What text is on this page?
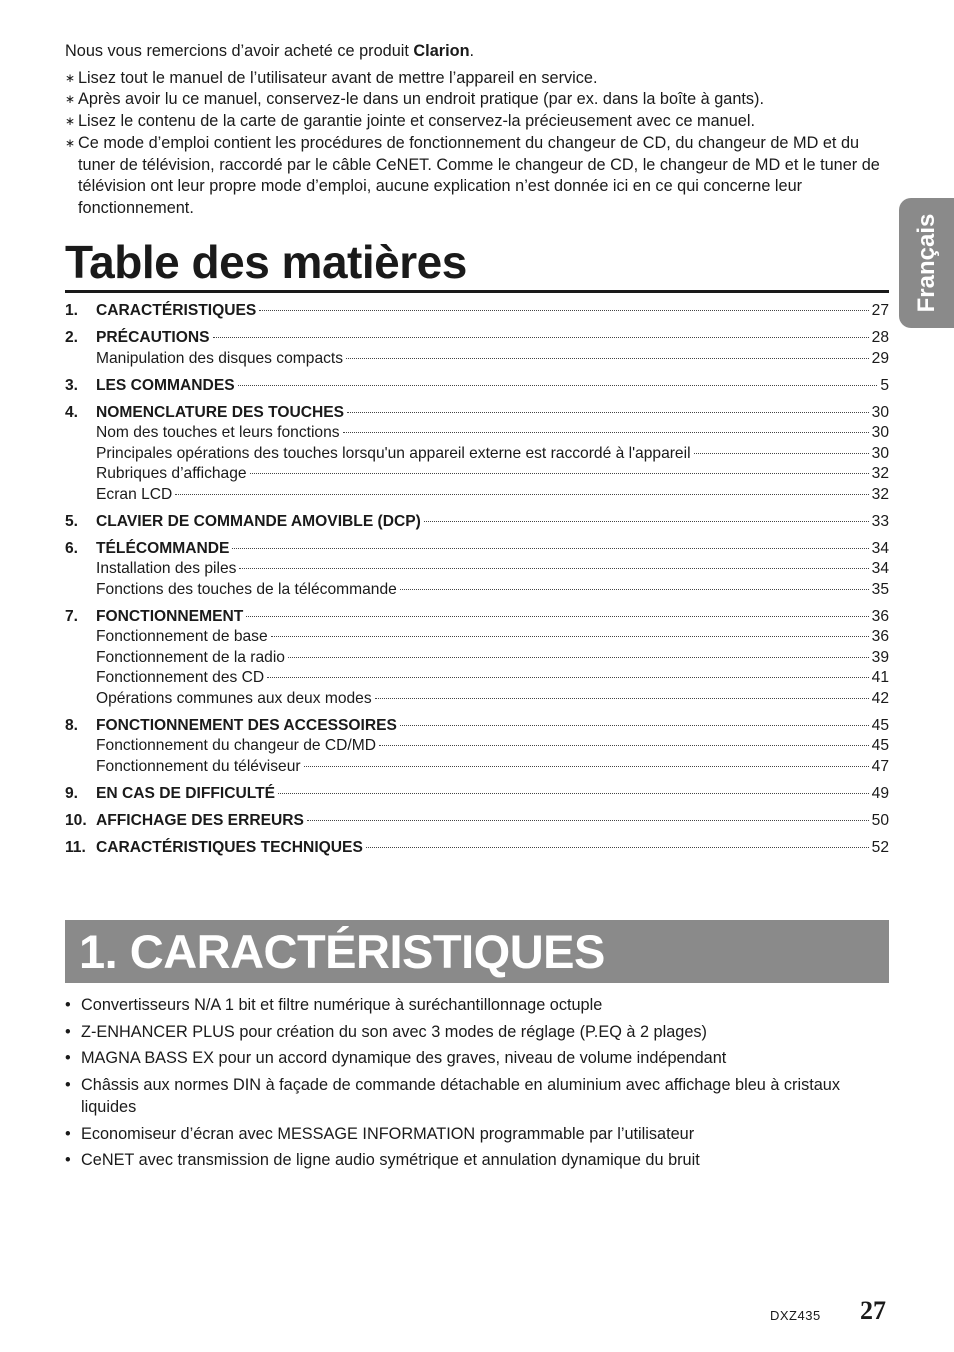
Nous vous remercions d’avoir acheté ce produit Clarion.

∗ Lisez tout le manuel de l’utilisateur avant de mettre l’appareil en service.
∗ Après avoir lu ce manuel, conservez-le dans un endroit pratique (par ex. dans la boîte à gants).
∗ Lisez le contenu de la carte de garantie jointe et conservez-la précieusement avec ce manuel.
∗ Ce mode d’emploi contient les procédures de fonctionnement du changeur de CD, du changeur de MD et du tuner de télévision, raccordé par le câble CeNET. Comme le changeur de CD, le changeur de MD et le tuner de télévision ont leur propre mode d’emploi, aucune explication n’est donnée ici en ce qui concerne leur fonctionnement.
Français
Table des matières
1.	CARACTÉRISTIQUES	27
2.	PRÉCAUTIONS	28
Manipulation des disques compacts	29
3.	LES COMMANDES	5
4.	NOMENCLATURE DES TOUCHES	30
Nom des touches et leurs fonctions	30
Principales opérations des touches lorsqu'un appareil externe est raccordé à l'appareil	30
Rubriques d’affichage	32
Ecran LCD	32
5.	CLAVIER DE COMMANDE AMOVIBLE (DCP)	33
6.	TÉLÉCOMMANDE	34
Installation des piles	34
Fonctions des touches de la télécommande	35
7.	FONCTIONNEMENT	36
Fonctionnement de base	36
Fonctionnement de la radio	39
Fonctionnement des CD	41
Opérations communes aux deux modes	42
8.	FONCTIONNEMENT DES ACCESSOIRES	45
Fonctionnement du changeur de CD/MD	45
Fonctionnement du téléviseur	47
9.	EN CAS DE DIFFICULTÉ	49
10. AFFICHAGE DES ERREURS	50
11. CARACTÉRISTIQUES TECHNIQUES	52
1. CARACTÉRISTIQUES
• Convertisseurs N/A 1 bit et filtre numérique à suréchantillonnage octuple
• Z-ENHANCER PLUS pour création du son avec 3 modes de réglage (P.EQ à 2 plages)
• MAGNA BASS EX pour un accord dynamique des graves, niveau de volume indépendant
• Châssis aux normes DIN à façade de commande détachable en aluminium avec affichage bleu à cristaux liquides
• Economiseur d’écran avec MESSAGE INFORMATION programmable par l’utilisateur
• CeNET avec transmission de ligne audio symétrique et annulation dynamique du bruit
DXZ435 27
